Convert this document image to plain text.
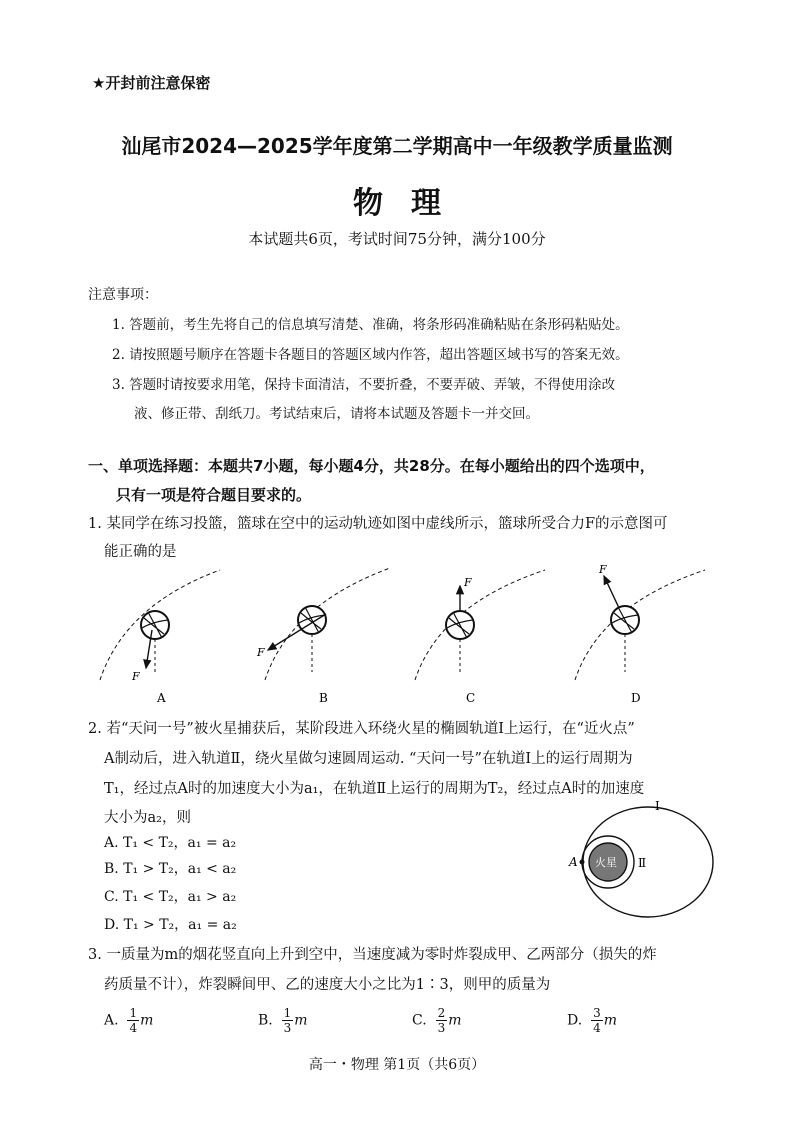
★开封前注意保密
汕尾市2024—2025学年度第二学期高中一年级教学质量监测
物理
本试题共6页，考试时间75分钟，满分100分
注意事项：
1. 答题前，考生先将自己的信息填写清楚、准确，将条形码准确粘贴在条形码粘贴处。
2. 请按照题号顺序在答题卡各题目的答题区域内作答，超出答题区域书写的答案无效。
3. 答题时请按要求用笔，保持卡面清洁，不要折叠，不要弄破、弄皱，不得使用涂改
液、修正带、刮纸刀。考试结束后，请将本试题及答题卡一并交回。
一、单项选择题：本题共7小题，每小题4分，共28分。在每小题给出的四个选项中，
只有一项是符合题目要求的。
1. 某同学在练习投篮，篮球在空中的运动轨迹如图中虚线所示，篮球所受合力F的示意图可
能正确的是
F
A
F
B
F
C
F
D
2. 若“天问一号”被火星捕获后，某阶段进入环绕火星的椭圆轨道Ⅰ上运行，在“近火点”
A制动后，进入轨道Ⅱ，绕火星做匀速圆周运动. “天问一号”在轨道Ⅰ上的运行周期为
T₁，经过点A时的加速度大小为a₁，在轨道Ⅱ上运行的周期为T₂，经过点A时的加速度
大小为a₂，则
A. T₁ < T₂，a₁ = a₂
B. T₁ > T₂，a₁ < a₂
C. T₁ < T₂，a₁ > a₂
D. T₁ > T₂，a₁ = a₂
A 火星 Ⅱ
Ⅰ
3. 一质量为m的烟花竖直向上升到空中，当速度减为零时炸裂成甲、乙两部分（损失的炸
药质量不计），炸裂瞬间甲、乙的速度大小之比为1∶3，则甲的质量为
A. $\frac{1}{4}$ m	B. $\frac{1}{3}$ m	C. $\frac{2}{3}$ m	D. $\frac{3}{4}$ m
高一・物理 第1页（共6页）
